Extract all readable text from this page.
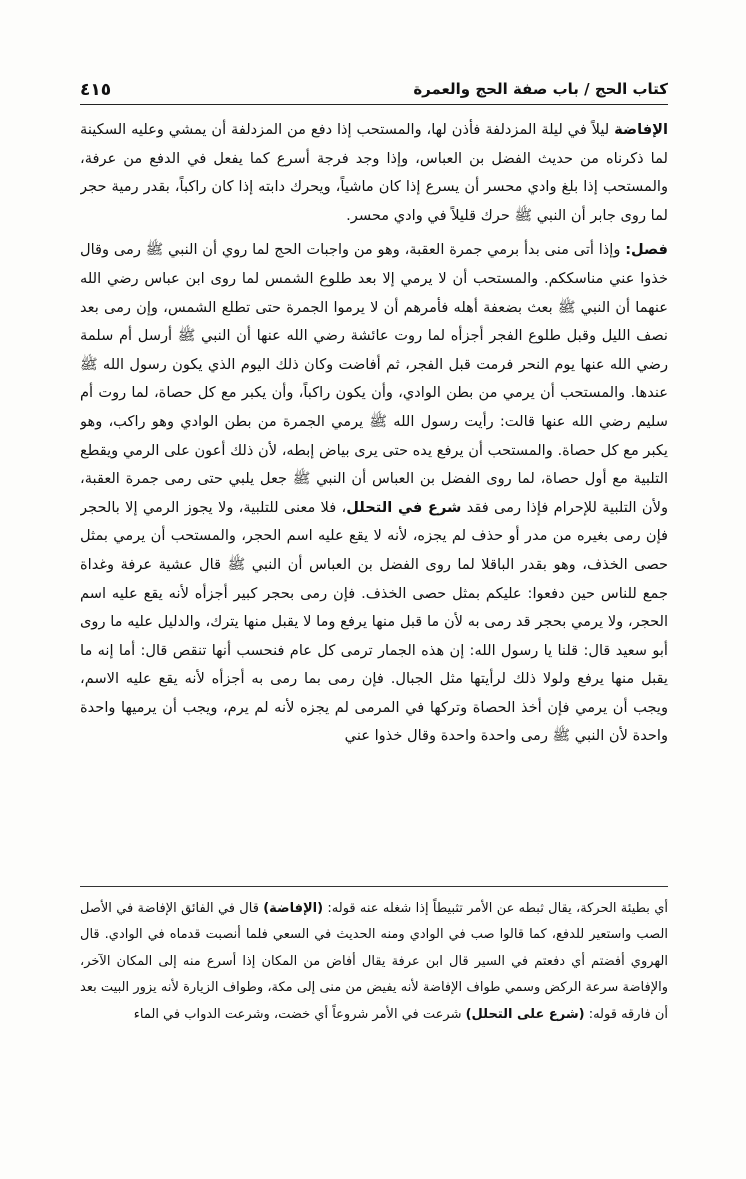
كتاب الحج / باب صفة الحج والعمرة
٤١٥

الإفاضة ليلاً في ليلة المزدلفة فأذن لها، والمستحب إذا دفع من المزدلفة أن يمشي وعليه السكينة لما ذكرناه من حديث الفضل بن العباس، وإذا وجد فرجة أسرع كما يفعل في الدفع من عرفة، والمستحب إذا بلغ وادي محسر أن يسرع إذا كان ماشياً، ويحرك دابته إذا كان راكباً، بقدر رمية حجر لما روى جابر أن النبي ﷺ حرك قليلاً في وادي محسر.

فصل: وإذا أتى منى بدأ برمي جمرة العقبة، وهو من واجبات الحج لما روي أن النبي ﷺ رمى وقال خذوا عني مناسككم. والمستحب أن لا يرمي إلا بعد طلوع الشمس لما روى ابن عباس رضي الله عنهما أن النبي ﷺ بعث بضعفة أهله فأمرهم أن لا يرموا الجمرة حتى تطلع الشمس، وإن رمى بعد نصف الليل وقبل طلوع الفجر أجزأه لما روت عائشة رضي الله عنها أن النبي ﷺ أرسل أم سلمة رضي الله عنها يوم النحر فرمت قبل الفجر، ثم أفاضت وكان ذلك اليوم الذي يكون رسول الله ﷺ عندها. والمستحب أن يرمي من بطن الوادي، وأن يكون راكباً، وأن يكبر مع كل حصاة، لما روت أم سليم رضي الله عنها قالت: رأيت رسول الله ﷺ يرمي الجمرة من بطن الوادي وهو راكب، وهو يكبر مع كل حصاة. والمستحب أن يرفع يده حتى يرى بياض إبطه، لأن ذلك أعون على الرمي ويقطع التلبية مع أول حصاة، لما روى الفضل بن العباس أن النبي ﷺ جعل يلبي حتى رمى جمرة العقبة، ولأن التلبية للإحرام فإذا رمى فقد شرع في التحلل، فلا معنى للتلبية، ولا يجوز الرمي إلا بالحجر فإن رمى بغيره من مدر أو حذف لم يجزه، لأنه لا يقع عليه اسم الحجر، والمستحب أن يرمي بمثل حصى الخذف، وهو بقدر الباقلا لما روى الفضل بن العباس أن النبي ﷺ قال عشية عرفة وغداة جمع للناس حين دفعوا: عليكم بمثل حصى الخذف. فإن رمى بحجر كبير أجزأه لأنه يقع عليه اسم الحجر، ولا يرمي بحجر قد رمى به لأن ما قبل منها يرفع وما لا يقبل منها يترك، والدليل عليه ما روى أبو سعيد قال: قلنا يا رسول الله: إن هذه الجمار ترمى كل عام فنحسب أنها تنقص قال: أما إنه ما يقبل منها يرفع ولولا ذلك لرأيتها مثل الجبال. فإن رمى بما رمى به أجزأه لأنه يقع عليه الاسم، ويجب أن يرمي فإن أخذ الحصاة وتركها في المرمى لم يجزه لأنه لم يرم، ويجب أن يرميها واحدة واحدة لأن النبي ﷺ رمى واحدة واحدة وقال خذوا عني

أي بطيئة الحركة، يقال ثبطه عن الأمر تثبيطاً إذا شغله عنه قوله: (الإفاضة) قال في الفائق الإفاضة في الأصل الصب واستعير للدفع، كما قالوا صب في الوادي ومنه الحديث في السعي فلما أنصبت قدماه في الوادي. قال الهروي أفضتم أي دفعتم في السير قال ابن عرفة يقال أفاض من المكان إذا أسرع منه إلى المكان الآخر، والإفاضة سرعة الركض وسمي طواف الإفاضة لأنه يفيض من منى إلى مكة، وطواف الزيارة لأنه يزور البيت بعد أن فارقه قوله: (شرع على التحلل) شرعت في الأمر شروعاً أي خضت، وشرعت الدواب في الماء
